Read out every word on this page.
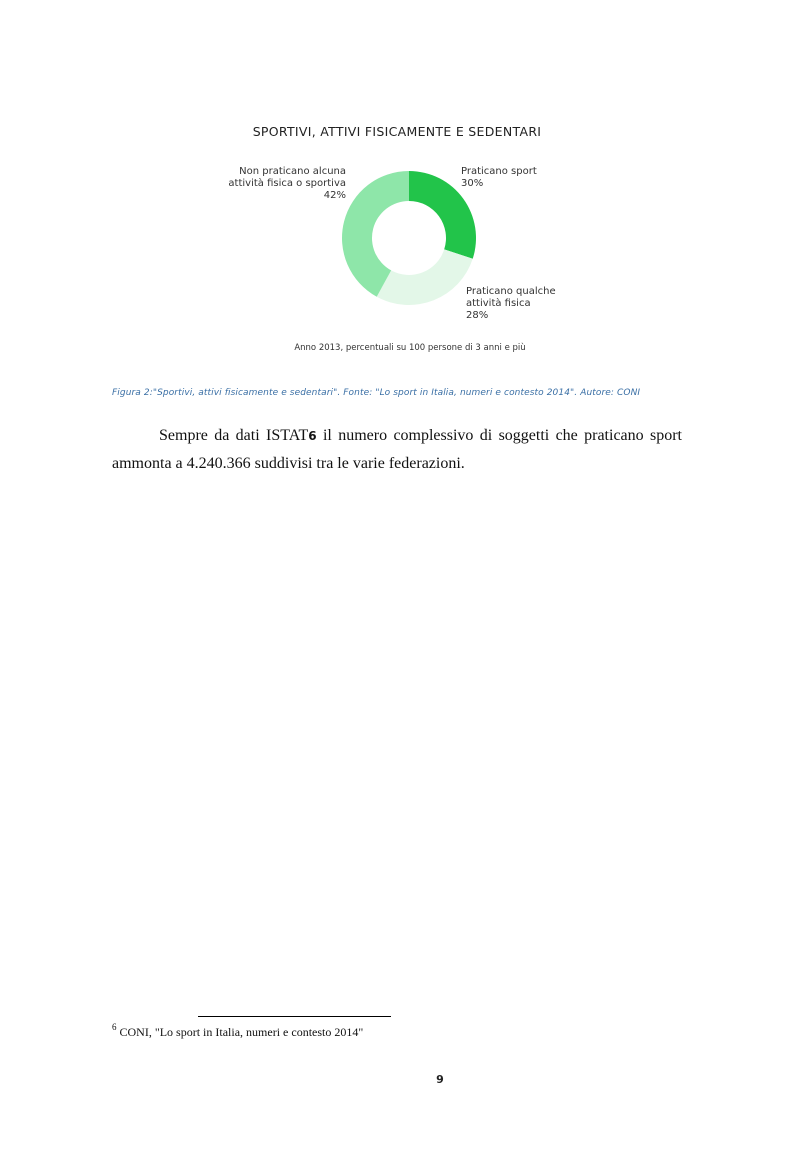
SPORTIVI, ATTIVI FISICAMENTE E SEDENTARI
Praticano sport 30%
Praticano qualche attività fisica 28%
Non praticano alcuna attività fisica o sportiva 42%
Anno 2013, percentuali su 100 persone di 3 anni e più
Figura 2:"Sportivi, attivi fisicamente e sedentari". Fonte: "Lo sport in Italia, numeri e contesto 2014". Autore: CONI

Sempre da dati ISTAT6 il numero complessivo di soggetti che praticano sport ammonta a 4.240.366 suddivisi tra le varie federazioni.

$^6$ CONI, "Lo sport in Italia, numeri e contesto 2014"
9
